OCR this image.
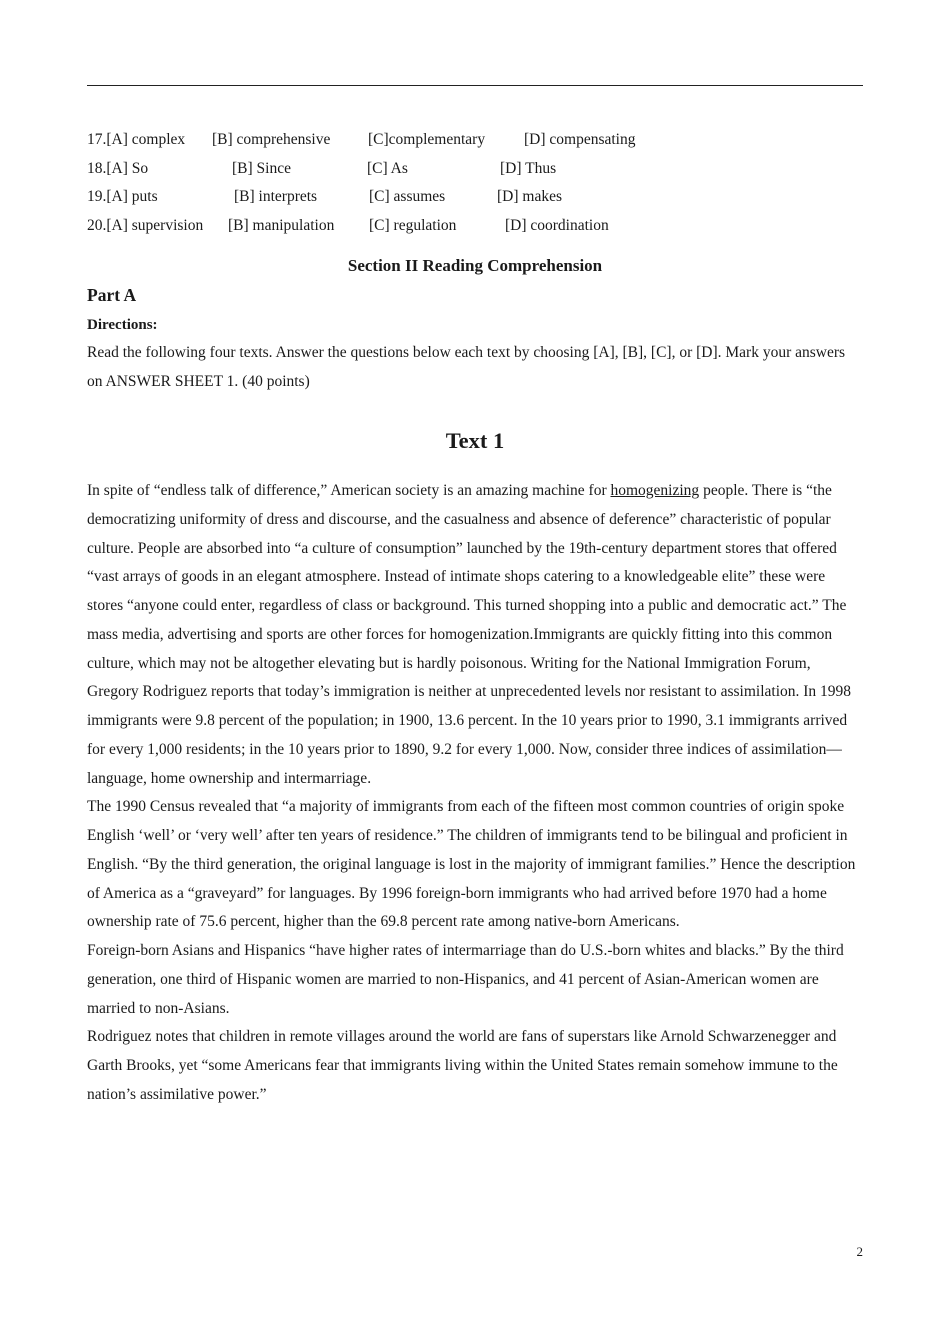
17.[A] complex [B] comprehensive [C]complementary	[D] compensating
18.[A] So	[B] Since	[C] As	[D] Thus
19.[A] puts	[B] interprets	[C] assumes	[D] makes
20.[A] supervision [B] manipulation [C] regulation	[D] coordination
Section II Reading Comprehension
Part A
Directions:
Read the following four texts. Answer the questions below each text by choosing [A], [B], [C], or [D]. Mark your answers on ANSWER SHEET 1. (40 points)
Text 1

In spite of “endless talk of difference,” American society is an amazing machine for homogenizing people. There is “the democratizing uniformity of dress and discourse, and the casualness and absence of deference” characteristic of popular culture. People are absorbed into “a culture of consumption” launched by the 19th-century department stores that offered “vast arrays of goods in an elegant atmosphere. Instead of intimate shops catering to a knowledgeable elite” these were stores “anyone could enter, regardless of class or background. This turned shopping into a public and democratic act.” The mass media, advertising and sports are other forces for homogenization.Immigrants are quickly fitting into this common culture, which may not be altogether elevating but is hardly poisonous. Writing for the National Immigration Forum, Gregory Rodriguez reports that today’s immigration is neither at unprecedented levels nor resistant to assimilation. In 1998 immigrants were 9.8 percent of the population; in 1900, 13.6 percent. In the 10 years prior to 1990, 3.1 immigrants arrived for every 1,000 residents; in the 10 years prior to 1890, 9.2 for every 1,000. Now, consider three indices of assimilation—language, home ownership and intermarriage.

The 1990 Census revealed that “a majority of immigrants from each of the fifteen most common countries of origin spoke English ‘well’ or ‘very well’ after ten years of residence.” The children of immigrants tend to be bilingual and proficient in English. “By the third generation, the original language is lost in the majority of immigrant families.” Hence the description of America as a “graveyard” for languages. By 1996 foreign-born immigrants who had arrived before 1970 had a home ownership rate of 75.6 percent, higher than the 69.8 percent rate among native-born Americans.

Foreign-born Asians and Hispanics “have higher rates of intermarriage than do U.S.-born whites and blacks.” By the third generation, one third of Hispanic women are married to non-Hispanics, and 41 percent of Asian-American women are married to non-Asians.

Rodriguez notes that children in remote villages around the world are fans of superstars like Arnold Schwarzenegger and Garth Brooks, yet “some Americans fear that immigrants living within the United States remain somehow immune to the nation’s assimilative power.”

2
